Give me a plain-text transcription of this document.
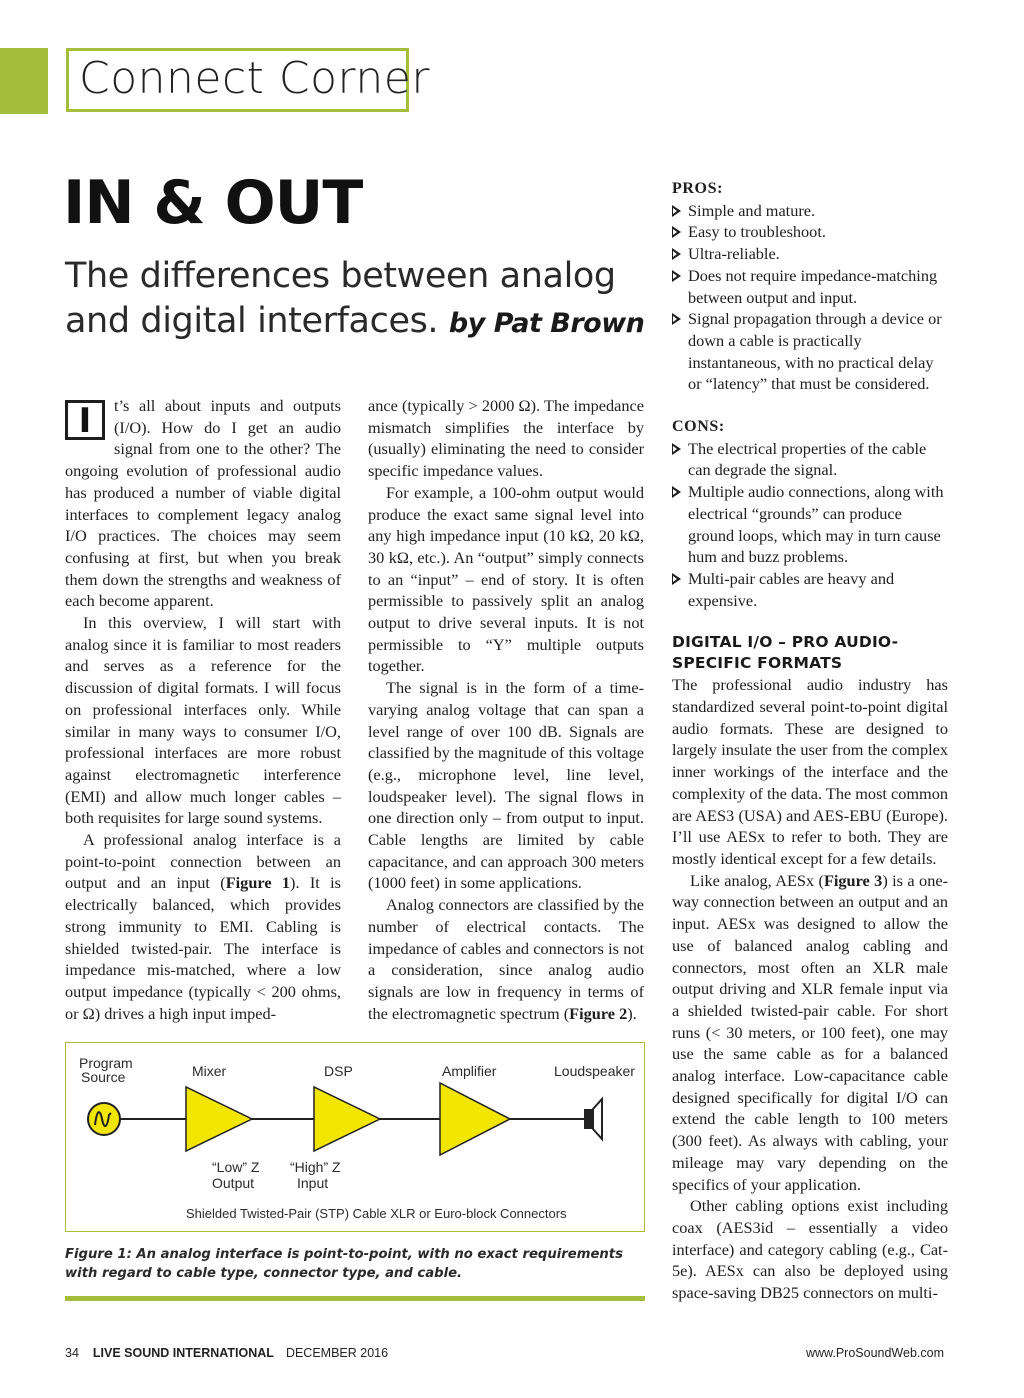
Connect Corner
IN & OUT
The differences between analog
and digital interfaces. by Pat Brown

I	t’s all about inputs and outputs (I/O). How do I get an audio signal from one to the other? The ongoing evolution of professional audio has produced a number of viable digital interfaces to complement legacy analog I/O practices. The choices may seem confusing at first, but when you break them down the strengths and weakness of each become apparent.

In this overview, I will start with analog since it is familiar to most readers and serves as a reference for the discussion of digital formats. I will focus on professional interfaces only. While similar in many ways to consumer I/O, professional interfaces are more robust against electromagnetic interference (EMI) and allow much longer cables – both requisites for large sound systems.

A professional analog interface is a point-to-point connection between an output and an input (Figure 1). It is electrically balanced, which provides strong immunity to EMI. Cabling is shielded twisted-pair. The interface is impedance mis-matched, where a low output impedance (typically < 200 ohms, or Ω) drives a high input imped-

ance (typically > 2000 Ω). The impedance mismatch simplifies the interface by (usually) eliminating the need to consider specific impedance values.

For example, a 100-ohm output would produce the exact same signal level into any high impedance input (10 kΩ, 20 kΩ, 30 kΩ, etc.). An “output” simply connects to an “input” – end of story. It is often permissible to passively split an analog output to drive several inputs. It is not permissible to “Y” multiple outputs together.

The signal is in the form of a time-varying analog voltage that can span a level range of over 100 dB. Signals are classified by the magnitude of this voltage (e.g., microphone level, line level, loudspeaker level). The signal flows in one direction only – from output to input. Cable lengths are limited by cable capacitance, and can approach 300 meters (1000 feet) in some applications.

Analog connectors are classified by the number of electrical contacts. The impedance of cables and connectors is not a consideration, since analog audio signals are low in frequency in terms of the electromagnetic spectrum (Figure 2).

PROS:
Simple and mature.
Easy to troubleshoot.
Ultra-reliable.
Does not require impedance-matching between output and input.
Signal propagation through a device or down a cable is practically instantaneous, with no practical delay or “latency” that must be considered.
CONS:
The electrical properties of the cable can degrade the signal.
Multiple audio connections, along with electrical “grounds” can produce ground loops, which may in turn cause hum and buzz problems.
Multi-pair cables are heavy and expensive.
DIGITAL I/O – PRO AUDIO-SPECIFIC FORMATS

The professional audio industry has standardized several point-to-point digital audio formats. These are designed to largely insulate the user from the complex inner workings of the interface and the complexity of the data. The most common are AES3 (USA) and AES-EBU (Europe). I’ll use AESx to refer to both. They are mostly identical except for a few details.

Like analog, AESx (Figure 3) is a one-way connection between an output and an input. AESx was designed to allow the use of balanced analog cabling and connectors, most often an XLR male output driving and XLR female input via a shielded twisted-pair cable. For short runs (< 30 meters, or 100 feet), one may use the same cable as for a balanced analog interface. Low-capacitance cable designed specifically for digital I/O can extend the cable length to 100 meters (300 feet). As always with cabling, your mileage may vary depending on the specifics of your application.

Other cabling options exist including coax (AES3id – essentially a video interface) and category cabling (e.g., Cat-5e). AESx can also be deployed using space-saving DB25 connectors on multi-

Program
Source	Mixer	DSP	Amplifier	Loudspeaker
“Low” Z
Output
“High” Z
Input
Shielded Twisted-Pair (STP) Cable XLR or Euro-block Connectors
Figure 1: An analog interface is point-to-point, with no exact requirements with regard to cable type, connector type, and cable.
34 LIVE SOUND INTERNATIONAL DECEMBER 2016	www.ProSoundWeb.com
